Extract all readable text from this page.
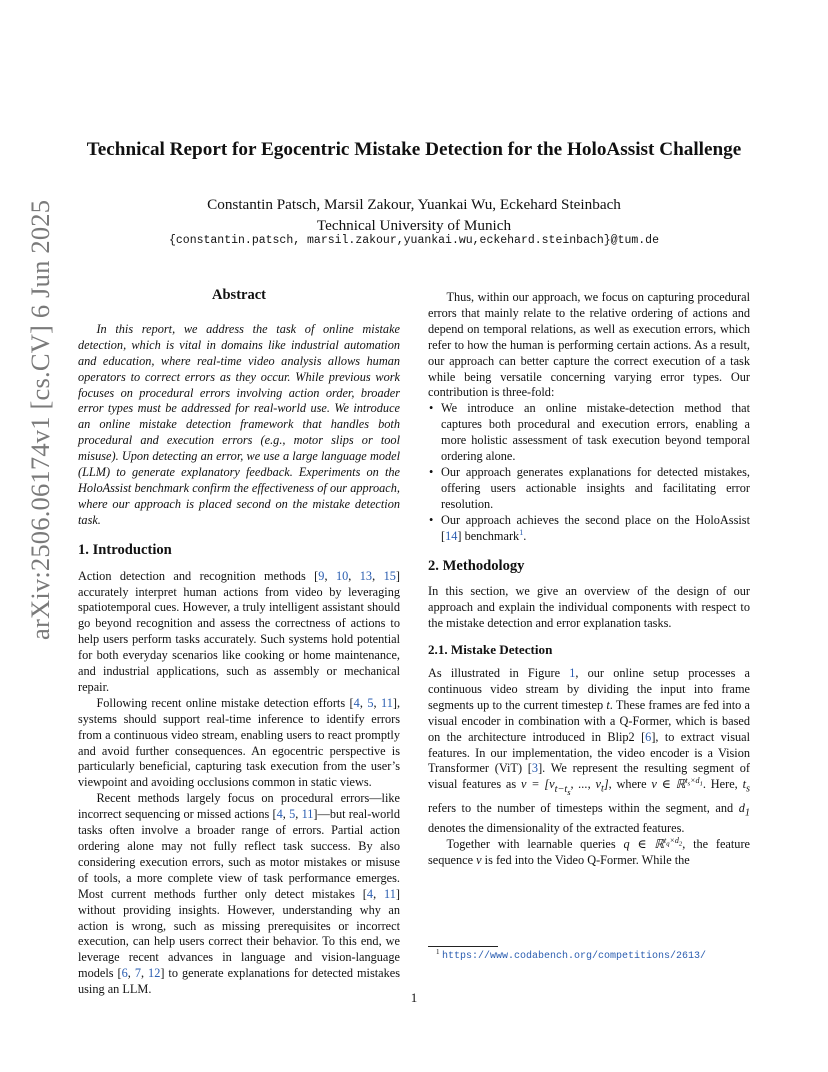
arXiv:2506.06174v1 [cs.CV] 6 Jun 2025
Technical Report for Egocentric Mistake Detection for the HoloAssist Challenge
Constantin Patsch, Marsil Zakour, Yuankai Wu, Eckehard Steinbach
Technical University of Munich
{constantin.patsch, marsil.zakour,yuankai.wu,eckehard.steinbach}@tum.de
Abstract

In this report, we address the task of online mistake detection, which is vital in domains like industrial automation and education, where real-time video analysis allows human operators to correct errors as they occur. While previous work focuses on procedural errors involving action order, broader error types must be addressed for real-world use. We introduce an online mistake detection framework that handles both procedural and execution errors (e.g., motor slips or tool misuse). Upon detecting an error, we use a large language model (LLM) to generate explanatory feedback. Experiments on the HoloAssist benchmark confirm the effectiveness of our approach, where our approach is placed second on the mistake detection task.

1. Introduction

Action detection and recognition methods [9, 10, 13, 15] accurately interpret human actions from video by leveraging spatiotemporal cues. However, a truly intelligent assistant should go beyond recognition and assess the correctness of actions to help users perform tasks accurately. Such systems hold potential for both everyday scenarios like cooking or home maintenance, and industrial applications, such as assembly or mechanical repair.

Following recent online mistake detection efforts [4, 5, 11], systems should support real-time inference to identify errors from a continuous video stream, enabling users to react promptly and avoid further consequences. An egocentric perspective is particularly beneficial, capturing task execution from the user’s viewpoint and avoiding occlusions common in static views.

Recent methods largely focus on procedural errors—like incorrect sequencing or missed actions [4, 5, 11]—but real-world tasks often involve a broader range of errors. Partial action ordering alone may not fully reflect task success. By also considering execution errors, such as motor mistakes or misuse of tools, a more complete view of task performance emerges. Most current methods further only detect mistakes [4, 11] without providing insights. However, understanding why an action is wrong, such as missing prerequisites or incorrect execution, can help users correct their behavior. To this end, we leverage recent advances in language and vision-language models [6, 7, 12] to generate explanations for detected mistakes using an LLM.

Thus, within our approach, we focus on capturing procedural errors that mainly relate to the relative ordering of actions and depend on temporal relations, as well as execution errors, which refer to how the human is performing certain actions. As a result, our approach can better capture the correct execution of a task while being versatile concerning varying error types. Our contribution is three-fold:

• We introduce an online mistake-detection method that captures both procedural and execution errors, enabling a more holistic assessment of task execution beyond temporal ordering alone.
• Our approach generates explanations for detected mistakes, offering users actionable insights and facilitating error resolution.
• Our approach achieves the second place on the HoloAssist [14] benchmark$^1$.
2. Methodology

In this section, we give an overview of the design of our approach and explain the individual components with respect to the mistake detection and error explanation tasks.

2.1. Mistake Detection

As illustrated in Figure 1, our online setup processes a continuous video stream by dividing the input into frame segments up to the current timestep t. These frames are fed into a visual encoder in combination with a Q-Former, which is based on the architecture introduced in Blip2 [6], to extract visual features. In our implementation, the video encoder is a Vision Transformer (ViT) [3]. We represent the resulting segment of visual features as $v = [v_{t-t_s}$, ..., $v_t$], where v ∈ ℝ$^{t_s\times d_1}$. Here, $t_s$ refers to the number of timesteps within the segment, and $d_1$ denotes the dimensionality of the extracted features.

Together with learnable queries q ∈ ℝ$^{t_q\times d_2}$, the feature sequence v is fed into the Video Q-Former. While the

1 https://www.codabench.org/competitions/2613/
1
